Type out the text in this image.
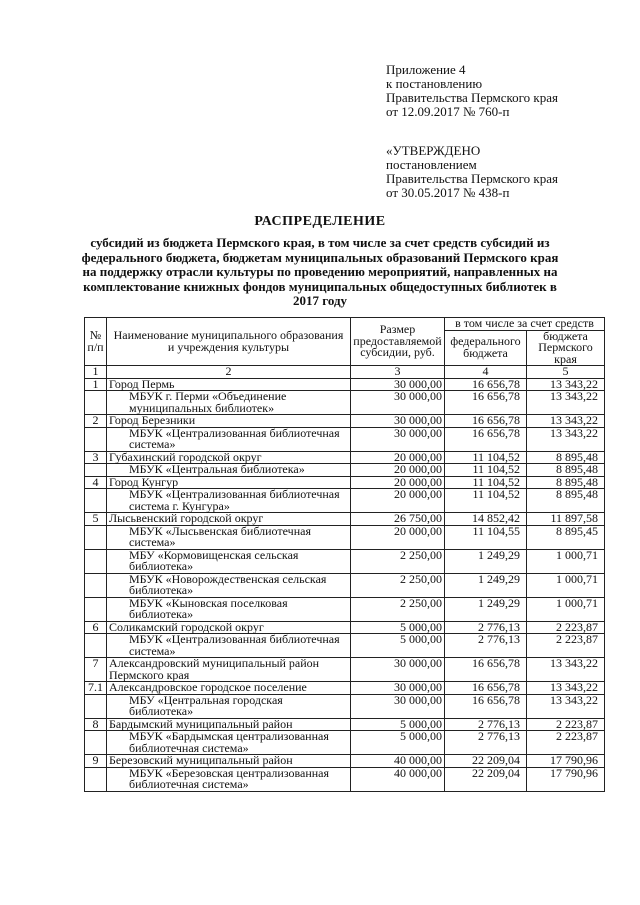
Приложение 4
к постановлению
Правительства Пермского края
от 12.09.2017 № 760-п
«УТВЕРЖДЕНО
постановлением
Правительства Пермского края
от 30.05.2017 № 438-п
РАСПРЕДЕЛЕНИЕ
субсидий из бюджета Пермского края, в том числе за счет средств субсидий из федерального бюджета, бюджетам муниципальных образований Пермского края на поддержку отрасли культуры по проведению мероприятий, направленных на комплектование книжных фондов муниципальных общедоступных библиотек в 2017 году
№ п/п	Наименование муниципального образования и учреждения культуры	Размер предоставляемой субсидии, руб.	в том числе за счет средств	
			федерального бюджета	бюджета Пермского края
1	2	3	4	5
1	Город Пермь	30 000,00	16 656,78	13 343,22
	МБУК г. Перми «Объединение муниципальных библиотек»	30 000,00	16 656,78	13 343,22
2	Город Березники	30 000,00	16 656,78	13 343,22
	МБУК «Централизованная библиотечная система»	30 000,00	16 656,78	13 343,22
3	Губахинский городской округ	20 000,00	11 104,52	8 895,48
	МБУК «Центральная библиотека»	20 000,00	11 104,52	8 895,48
4	Город Кунгур	20 000,00	11 104,52	8 895,48
	МБУК «Централизованная библиотечная система г. Кунгура»	20 000,00	11 104,52	8 895,48
5	Лысьвенский городской округ	26 750,00	14 852,42	11 897,58
	МБУК «Лысьвенская библиотечная система»	20 000,00	11 104,55	8 895,45
	МБУ «Кормовищенская сельская библиотека»	2 250,00	1 249,29	1 000,71
	МБУК «Новорождественская сельская библиотека»	2 250,00	1 249,29	1 000,71
	МБУК «Кыновская поселковая библиотека»	2 250,00	1 249,29	1 000,71
6	Соликамский городской округ	5 000,00	2 776,13	2 223,87
	МБУК «Централизованная библиотечная система»	5 000,00	2 776,13	2 223,87
7	Александровский муниципальный район Пермского края	30 000,00	16 656,78	13 343,22
7.1	Александровское городское поселение	30 000,00	16 656,78	13 343,22
	МБУ «Центральная городская библиотека»	30 000,00	16 656,78	13 343,22
8	Бардымский муниципальный район	5 000,00	2 776,13	2 223,87
	МБУК «Бардымская централизованная библиотечная система»	5 000,00	2 776,13	2 223,87
9	Березовский муниципальный район	40 000,00	22 209,04	17 790,96
	МБУК «Березовская централизованная библиотечная система»	40 000,00	22 209,04	17 790,96
